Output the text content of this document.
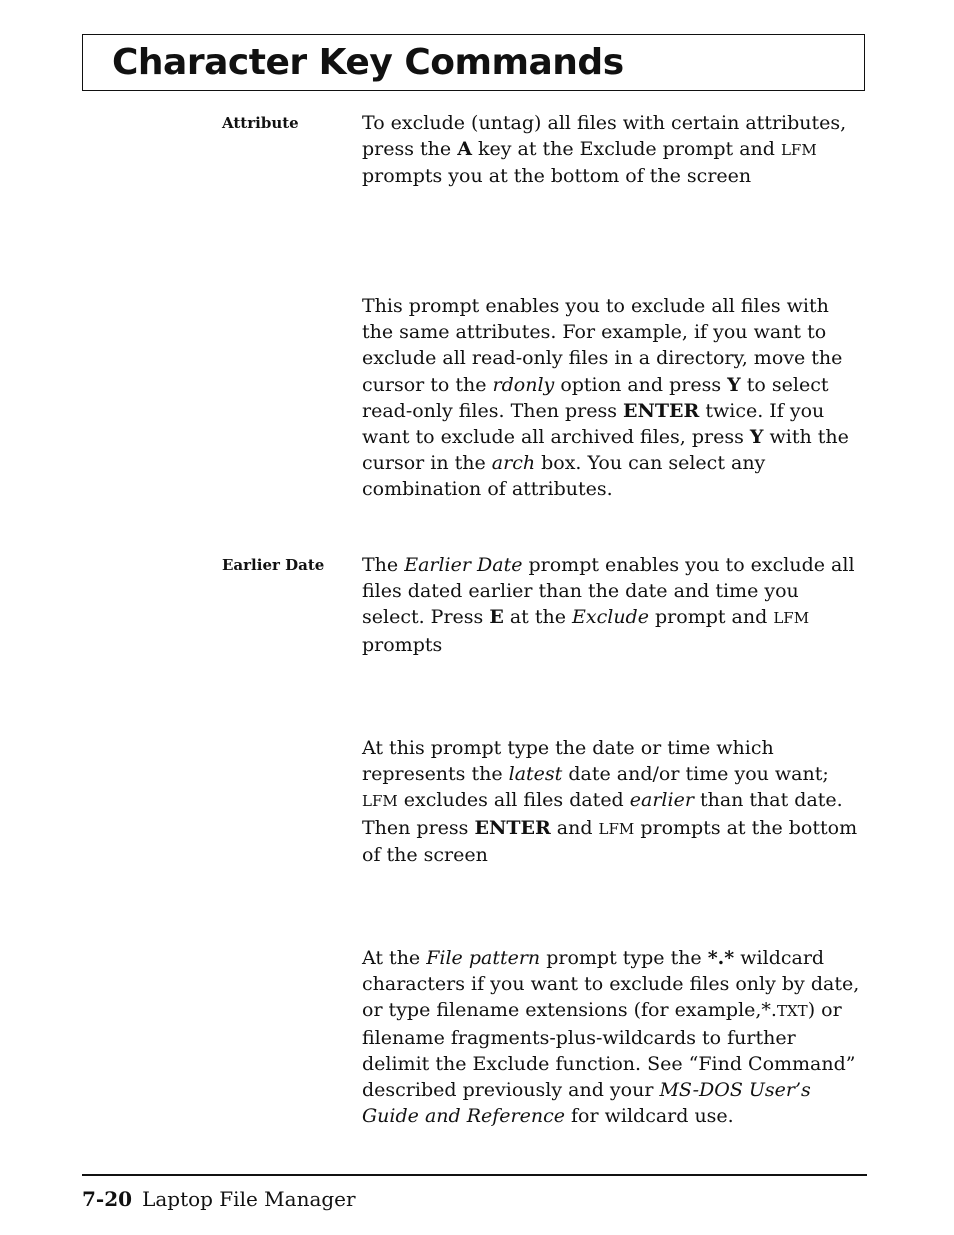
Character Key Commands
Attribute	To exclude (untag) all files with certain attributes, press the A key at the Exclude prompt and LFM prompts you at the bottom of the screen

This prompt enables you to exclude all files with the same attributes. For example, if you want to exclude all read-only files in a directory, move the cursor to the rdonly option and press Y to select read-only files. Then press ENTER twice. If you want to exclude all archived files, press Y with the cursor in the arch box. You can select any combination of attributes.

Earlier Date The Earlier Date prompt enables you to exclude all files dated earlier than the date and time you select. Press E at the Exclude prompt and LFM prompts

At this prompt type the date or time which represents the latest date and/or time you want; LFM excludes all files dated earlier than that date. Then press ENTER and LFM prompts at the bottom of the screen

At the File pattern prompt type the *.* wildcard characters if you want to exclude files only by date, or type filename extensions (for example,*.TXT) or filename fragments-plus-wildcards to further delimit the Exclude function. See “Find Command” described previously and your MS-DOS User’s Guide and Reference for wildcard use.

7-20 Laptop File Manager
